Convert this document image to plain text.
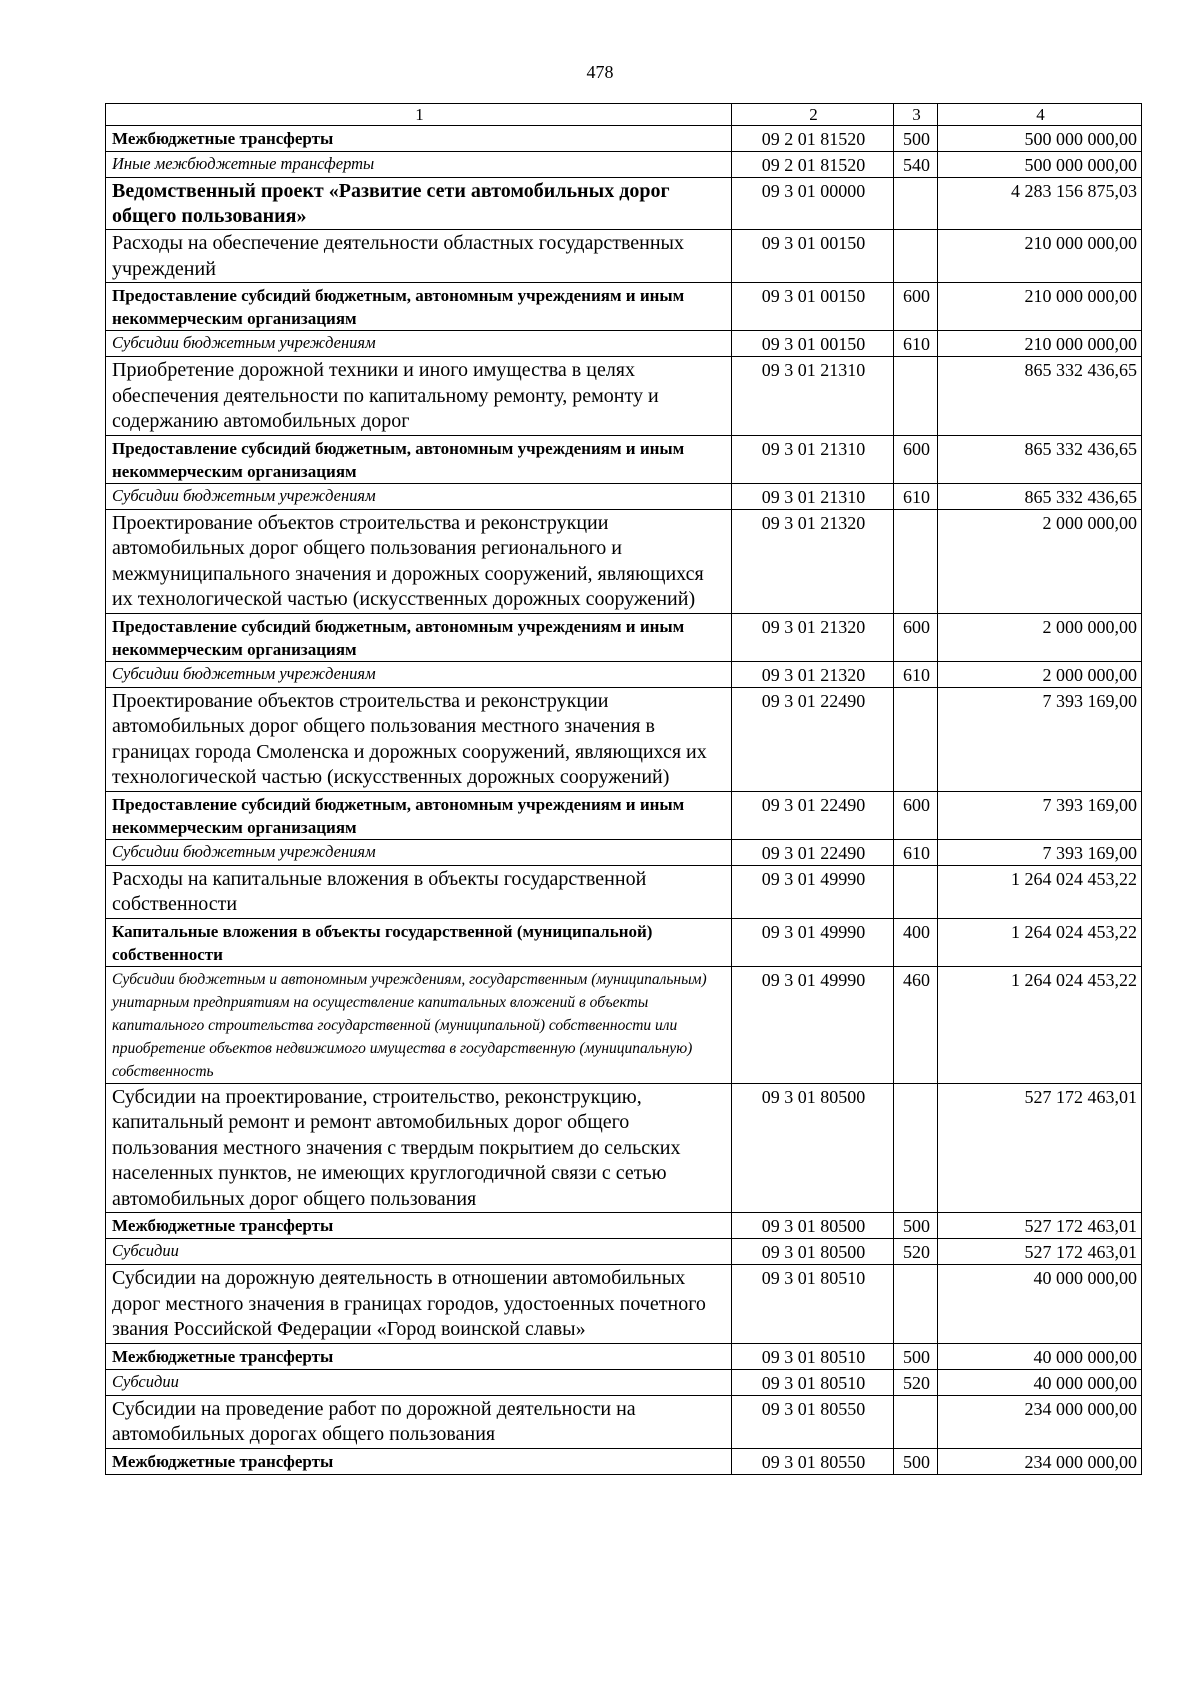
478
1	2	3	4
Межбюджетные трансферты	09 2 01 81520	500	500 000 000,00
Иные межбюджетные трансферты	09 2 01 81520	540	500 000 000,00
Ведомственный проект «Развитие сети автомобильных дорог общего пользования»	09 3 01 00000		4 283 156 875,03
Расходы на обеспечение деятельности областных государственных учреждений	09 3 01 00150		210 000 000,00
Предоставление субсидий бюджетным, автономным учреждениям и иным некоммерческим организациям	09 3 01 00150	600	210 000 000,00
Субсидии бюджетным учреждениям	09 3 01 00150	610	210 000 000,00
Приобретение дорожной техники и иного имущества в целях обеспечения деятельности по капитальному ремонту, ремонту и содержанию автомобильных дорог	09 3 01 21310		865 332 436,65
Предоставление субсидий бюджетным, автономным учреждениям и иным некоммерческим организациям	09 3 01 21310	600	865 332 436,65
Субсидии бюджетным учреждениям	09 3 01 21310	610	865 332 436,65
Проектирование объектов строительства и реконструкции автомобильных дорог общего пользования регионального и межмуниципального значения и дорожных сооружений, являющихся их технологической частью (искусственных дорожных сооружений)	09 3 01 21320		2 000 000,00
Предоставление субсидий бюджетным, автономным учреждениям и иным некоммерческим организациям	09 3 01 21320	600	2 000 000,00
Субсидии бюджетным учреждениям	09 3 01 21320	610	2 000 000,00
Проектирование объектов строительства и реконструкции автомобильных дорог общего пользования местного значения в границах города Смоленска и дорожных сооружений, являющихся их технологической частью (искусственных дорожных сооружений)	09 3 01 22490		7 393 169,00
Предоставление субсидий бюджетным, автономным учреждениям и иным некоммерческим организациям	09 3 01 22490	600	7 393 169,00
Субсидии бюджетным учреждениям	09 3 01 22490	610	7 393 169,00
Расходы на капитальные вложения в объекты государственной собственности	09 3 01 49990		1 264 024 453,22
Капитальные вложения в объекты государственной (муниципальной) собственности	09 3 01 49990	400	1 264 024 453,22
Субсидии бюджетным и автономным учреждениям, государственным (муниципальным) унитарным предприятиям на осуществление капитальных вложений в объекты капитального строительства государственной (муниципальной) собственности или приобретение объектов недвижимого имущества в государственную (муниципальную) собственность	09 3 01 49990	460	1 264 024 453,22
Субсидии на проектирование, строительство, реконструкцию, капитальный ремонт и ремонт автомобильных дорог общего пользования местного значения с твердым покрытием до сельских населенных пунктов, не имеющих круглогодичной связи с сетью автомобильных дорог общего пользования	09 3 01 80500		527 172 463,01
Межбюджетные трансферты	09 3 01 80500	500	527 172 463,01
Субсидии	09 3 01 80500	520	527 172 463,01
Субсидии на дорожную деятельность в отношении автомобильных дорог местного значения в границах городов, удостоенных почетного звания Российской Федерации «Город воинской славы»	09 3 01 80510		40 000 000,00
Межбюджетные трансферты	09 3 01 80510	500	40 000 000,00
Субсидии	09 3 01 80510	520	40 000 000,00
Субсидии на проведение работ по дорожной деятельности на автомобильных дорогах общего пользования	09 3 01 80550		234 000 000,00
Межбюджетные трансферты	09 3 01 80550	500	234 000 000,00
